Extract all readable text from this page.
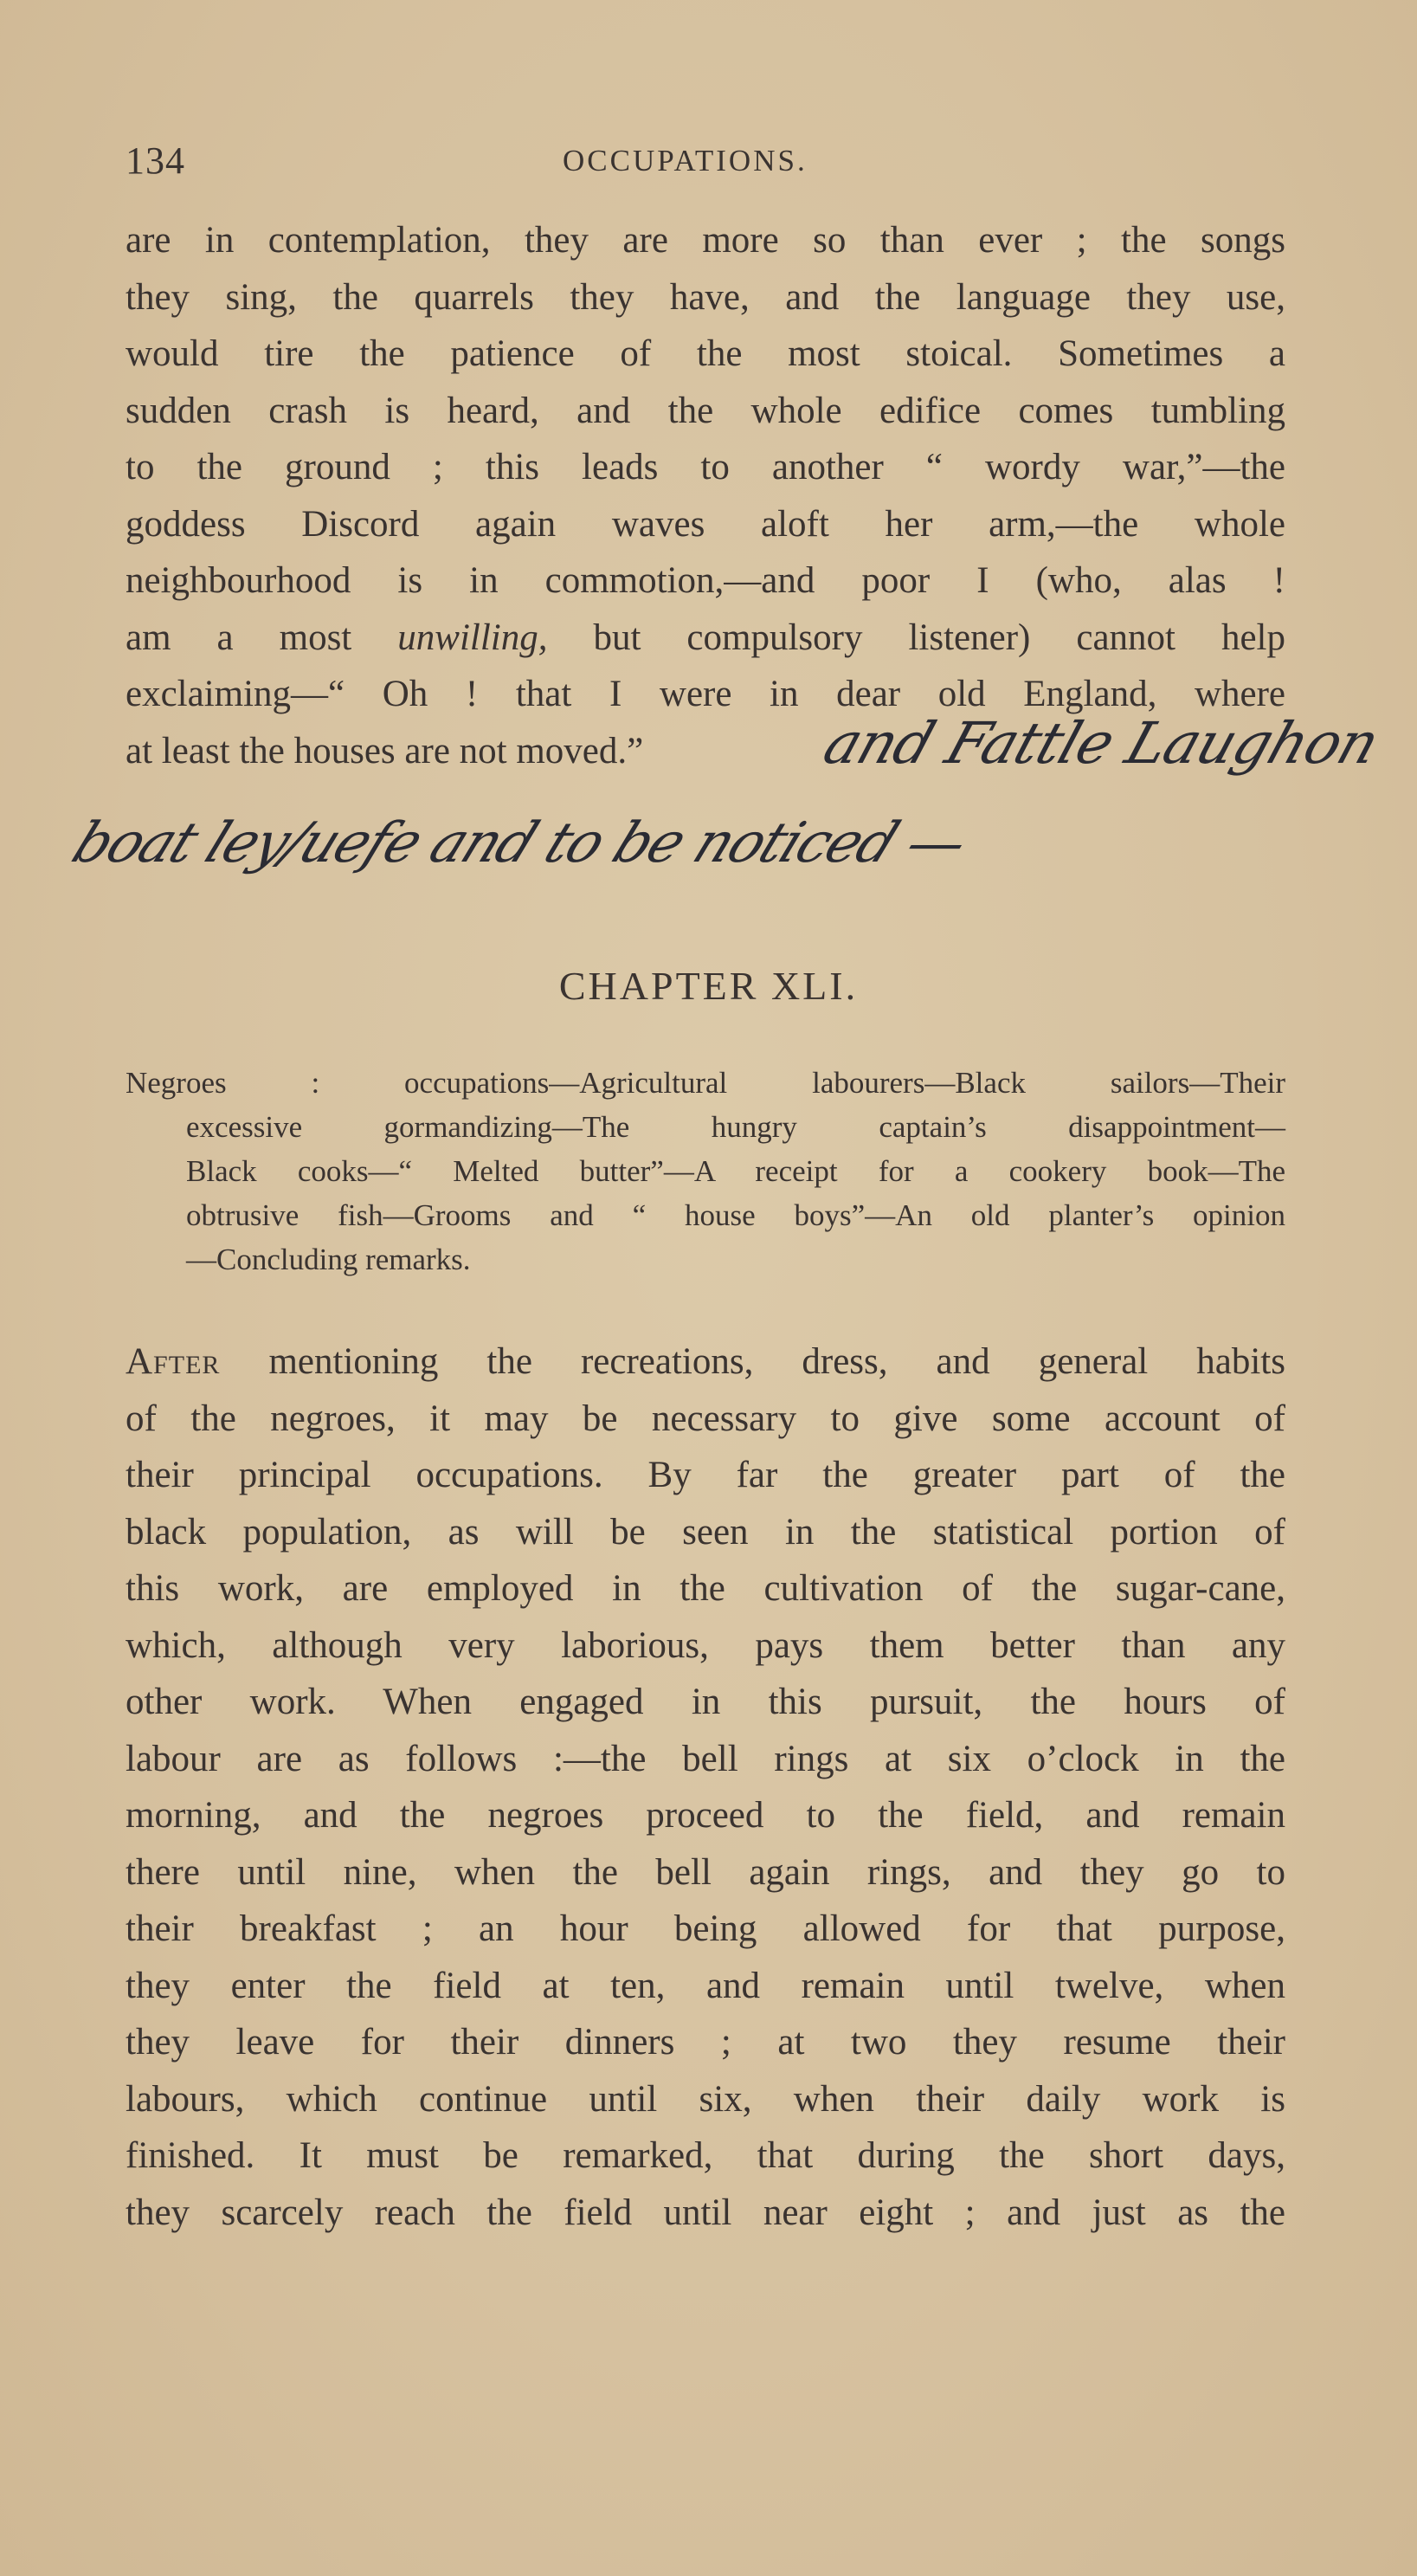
134	OCCUPATIONS.
are in contemplation, they are more so than ever ; the songs
they sing, the quarrels they have, and the language they use,
would tire the patience of the most stoical. Sometimes a
sudden crash is heard, and the whole edifice comes tumbling
to the ground ; this leads to another “ wordy war,”—the
goddess Discord again waves aloft her arm,—the whole
neighbourhood is in commotion,—and poor I (who, alas !
am a most unwilling, but compulsory listener) cannot help
exclaiming—“ Oh ! that I were in dear old England, where
at least the houses are not moved.”	and Fattle Laughon
boat ley/uefe and to be noticed —
CHAPTER XLI.
Negroes : occupations—Agricultural labourers—Black sailors—Their
excessive gormandizing—The hungry captain’s disappointment—
Black cooks—“ Melted butter”—A receipt for a cookery book—The
obtrusive fish—Grooms and “ house boys”—An old planter’s opinion
—Concluding remarks.
After mentioning the recreations, dress, and general habits
of the negroes, it may be necessary to give some account of
their principal occupations. By far the greater part of the
black population, as will be seen in the statistical portion of
this work, are employed in the cultivation of the sugar-cane,
which, although very laborious, pays them better than any
other work. When engaged in this pursuit, the hours of
labour are as follows :—the bell rings at six o’clock in the
morning, and the negroes proceed to the field, and remain
there until nine, when the bell again rings, and they go to
their breakfast ; an hour being allowed for that purpose,
they enter the field at ten, and remain until twelve, when
they leave for their dinners ; at two they resume their
labours, which continue until six, when their daily work is
finished. It must be remarked, that during the short days,
they scarcely reach the field until near eight ; and just as the
